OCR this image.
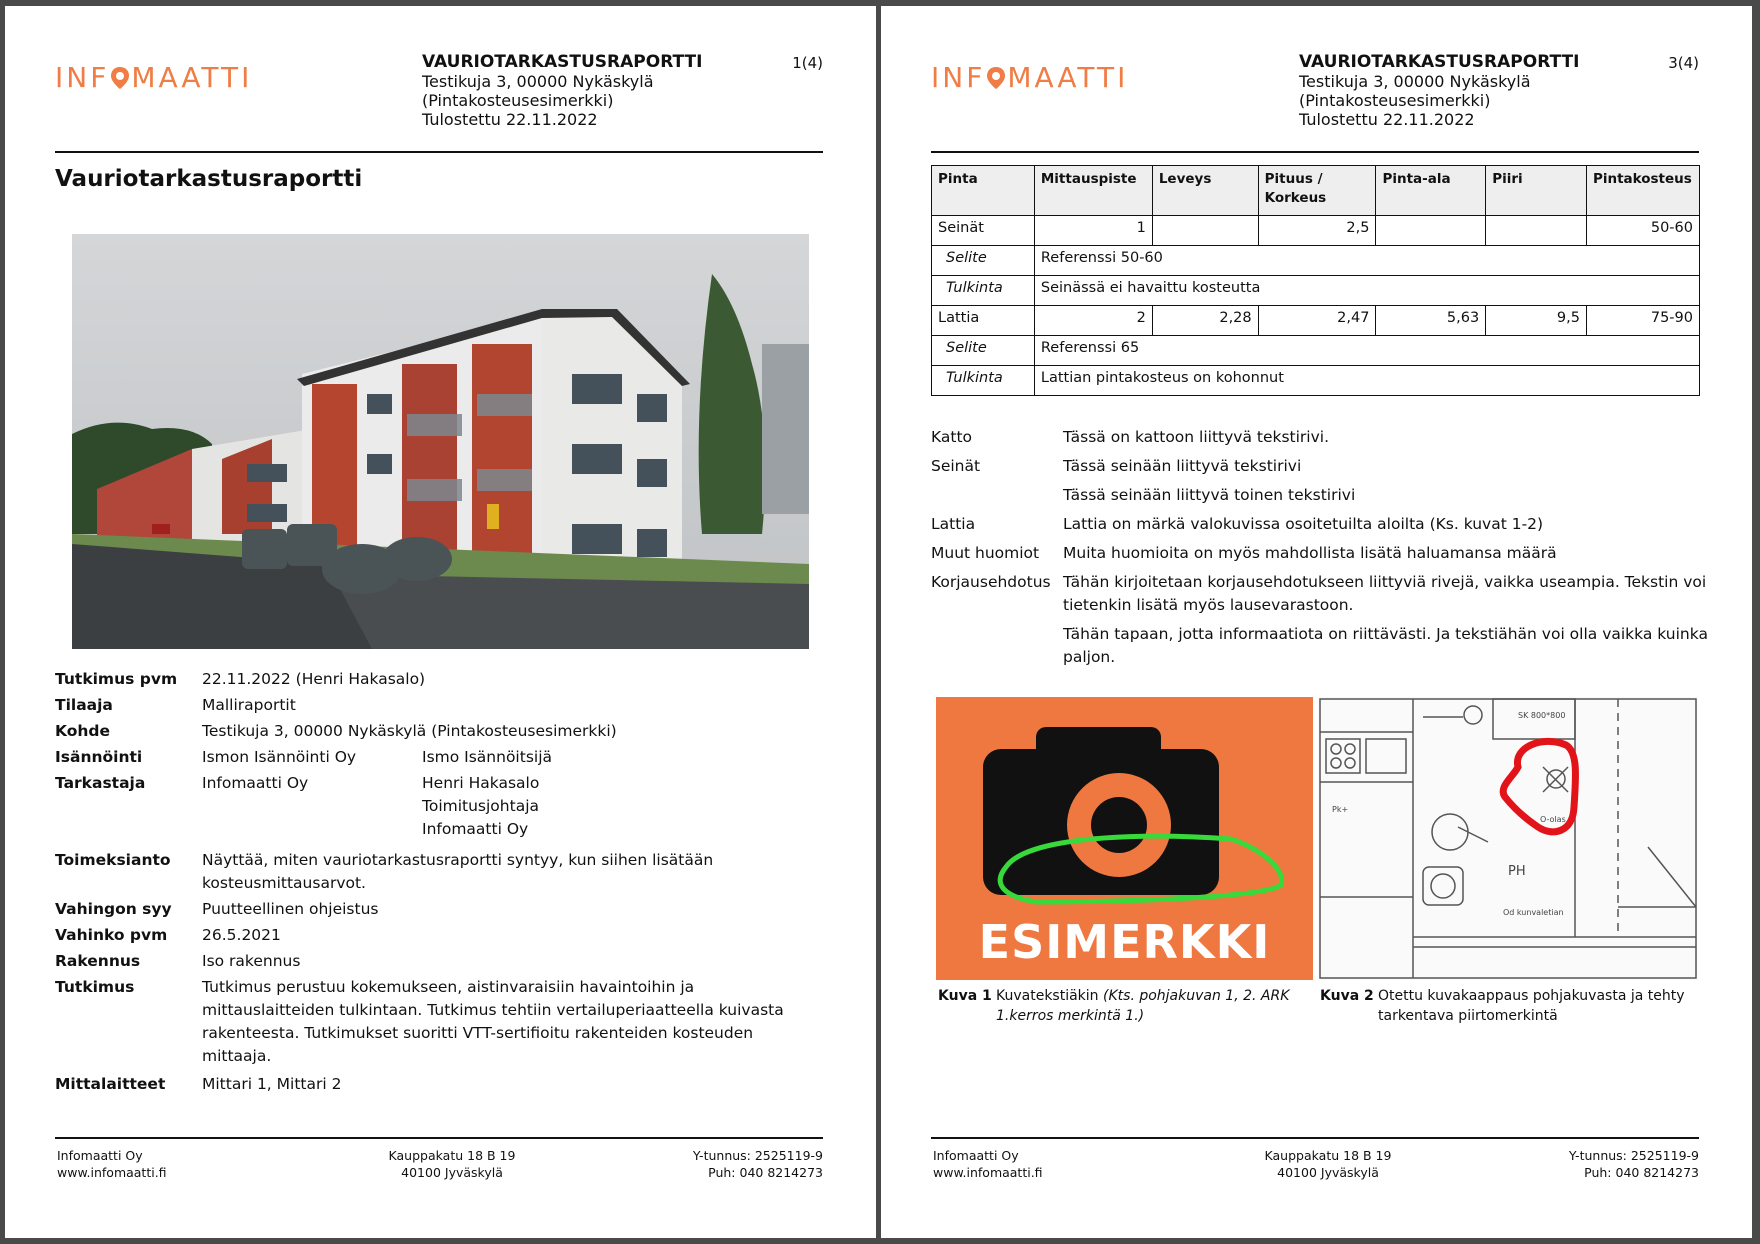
INF MAATTI	VAURIOTARKASTUSRAPORTTI
Testikuja 3, 00000 Nykäskylä
(Pintakosteusesimerkki)
Tulostettu 22.11.2022
1(4)
Vauriotarkastusraportti
Tutkimus pvm	22.11.2022 (Henri Hakasalo)
Tilaaja	Malliraportit
Kohde	Testikuja 3, 00000 Nykäskylä (Pintakosteusesimerkki)
Isännöinti	Ismon Isännöinti Oy	Ismo Isännöitsijä
Tarkastaja	Infomaatti Oy	Henri Hakasalo
Toimitusjohtaja
Infomaatti Oy
Toimeksianto	Näyttää, miten vauriotarkastusraportti syntyy, kun siihen lisätään kosteusmittausarvot.
Vahingon syy	Puutteellinen ohjeistus
Vahinko pvm	26.5.2021
Rakennus	Iso rakennus
Tutkimus	Tutkimus perustuu kokemukseen, aistinvaraisiin havaintoihin ja mittauslaitteiden tulkintaan. Tutkimus tehtiin vertailuperiaatteella kuivasta rakenteesta. Tutkimukset suoritti VTT-sertifioitu rakenteiden kosteuden mittaaja.
Mittalaitteet	Mittari 1, Mittari 2
Infomaatti Oy
www.infomaatti.fi
Kauppakatu 18 B 19
40100 Jyväskylä
Y-tunnus: 2525119-9
Puh: 040 8214273
INF MAATTI	VAURIOTARKASTUSRAPORTTI
Testikuja 3, 00000 Nykäskylä
(Pintakosteusesimerkki)
Tulostettu 22.11.2022
3(4)
Pinta	Mittauspiste	Leveys	Pituus / Korkeus	Pinta-ala	Piiri	Pintakosteus
Seinät	1		2,5			50-60
Selite	Referenssi 50-60					
Tulkinta	Seinässä ei havaittu kosteutta					
Lattia	2	2,28	2,47	5,63	9,5	75-90
Selite	Referenssi 65					
Tulkinta	Lattian pintakosteus on kohonnut					
Katto	Tässä on kattoon liittyvä tekstirivi.
Seinät	Tässä seinään liittyvä tekstirivi
Tässä seinään liittyvä toinen tekstirivi
Lattia	Lattia on märkä valokuvissa osoitetuilta aloilta (Ks. kuvat 1-2)
Muut huomiot	Muita huomioita on myös mahdollista lisätä haluamansa määrä
Korjausehdotus Tähän kirjoitetaan korjausehdotukseen liittyviä rivejä, vaikka useampia. Tekstin voi tietenkin lisätä myös lausevarastoon.
Tähän tapaan, jotta informaatiota on riittävästi. Ja tekstiähän voi olla vaikka kuinka paljon.
ESIMERKKI
SK 800*800
Pk+
PH
O-olas
Od kunvaletian
Kuva 1 Kuvatekstiäkin (Kts. pohjakuvan 1, 2. ARK 1.kerros merkintä 1.)
Kuva 2 Otettu kuvakaappaus pohjakuvasta ja tehty tarkentava piirtomerkintä
Infomaatti Oy
www.infomaatti.fi
Kauppakatu 18 B 19
40100 Jyväskylä
Y-tunnus: 2525119-9
Puh: 040 8214273
